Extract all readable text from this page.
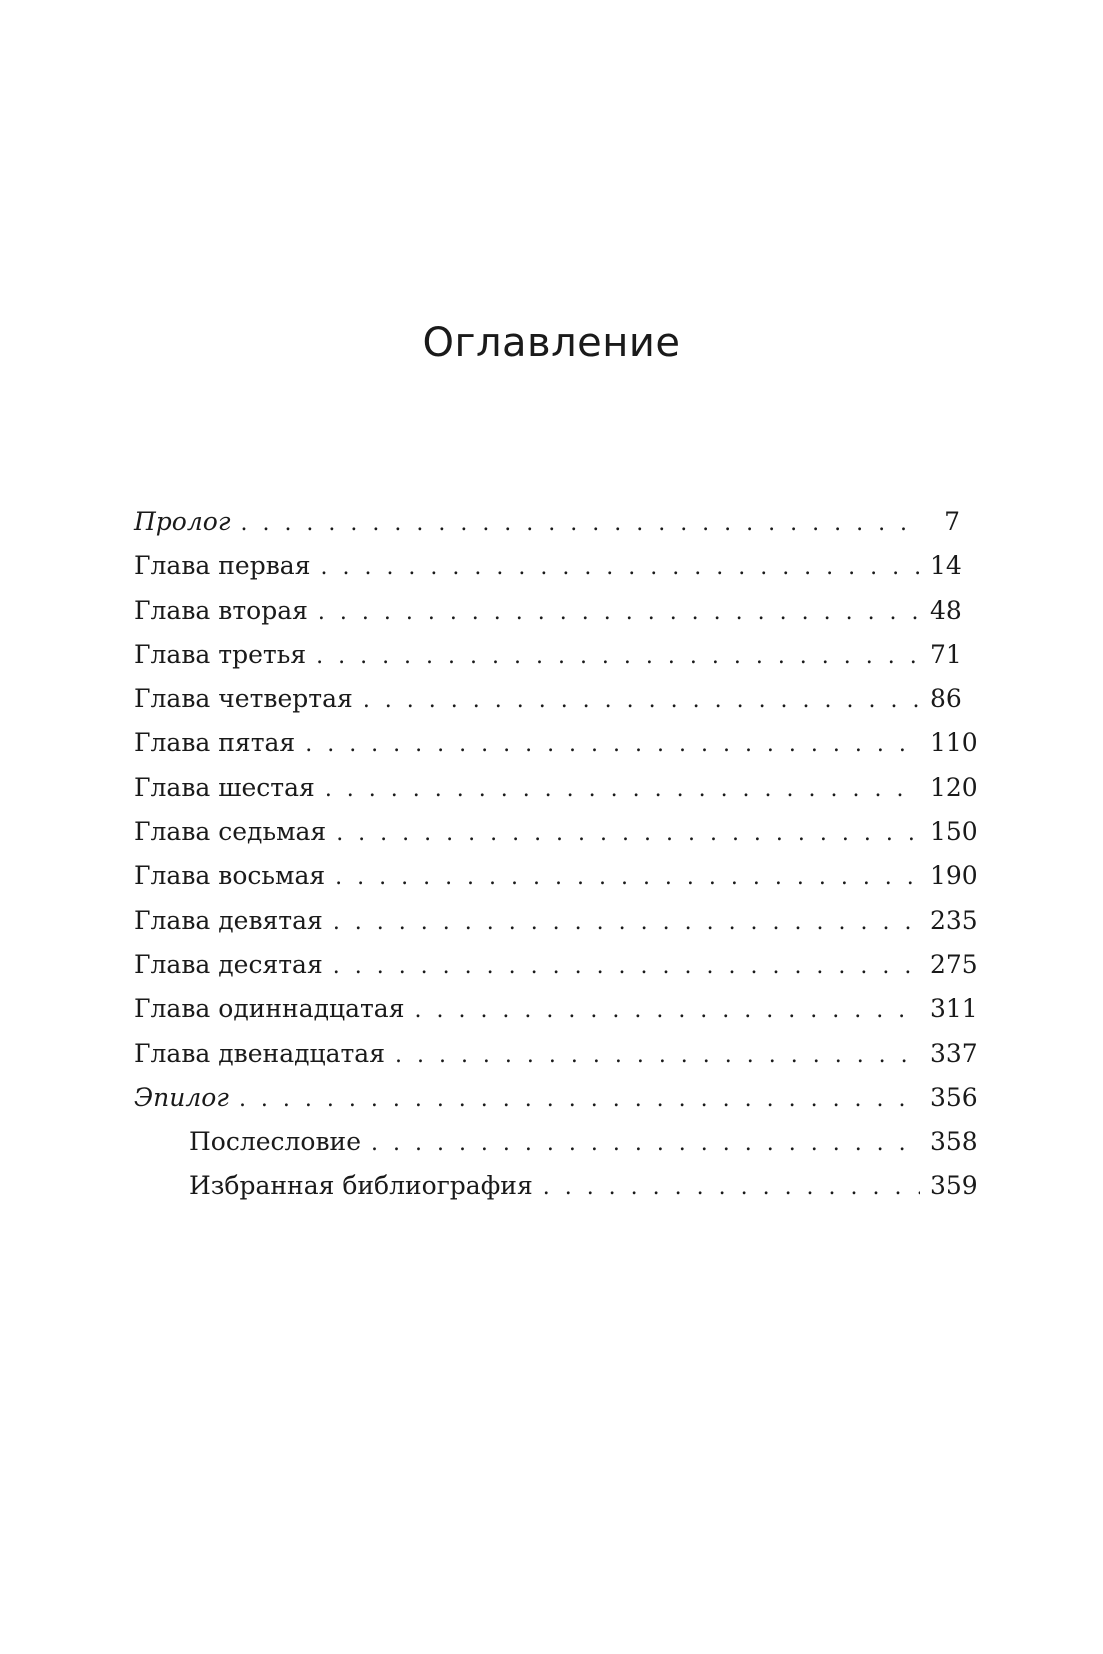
Оглавление
Пролог . . .	7
Глава первая . . .	14
Глава вторая . . .	48
Глава третья . . .	71
Глава четвертая . . .	86
Глава пятая . . .	110
Глава шестая . . .	120
Глава седьмая . . .	150
Глава восьмая . . .	190
Глава девятая . . .	235
Глава десятая . . .	275
Глава одиннадцатая . . .	311
Глава двенадцатая . . .	337
Эпилог . . .	356
Послесловие . . .	358
Избранная библиография . . .	359
